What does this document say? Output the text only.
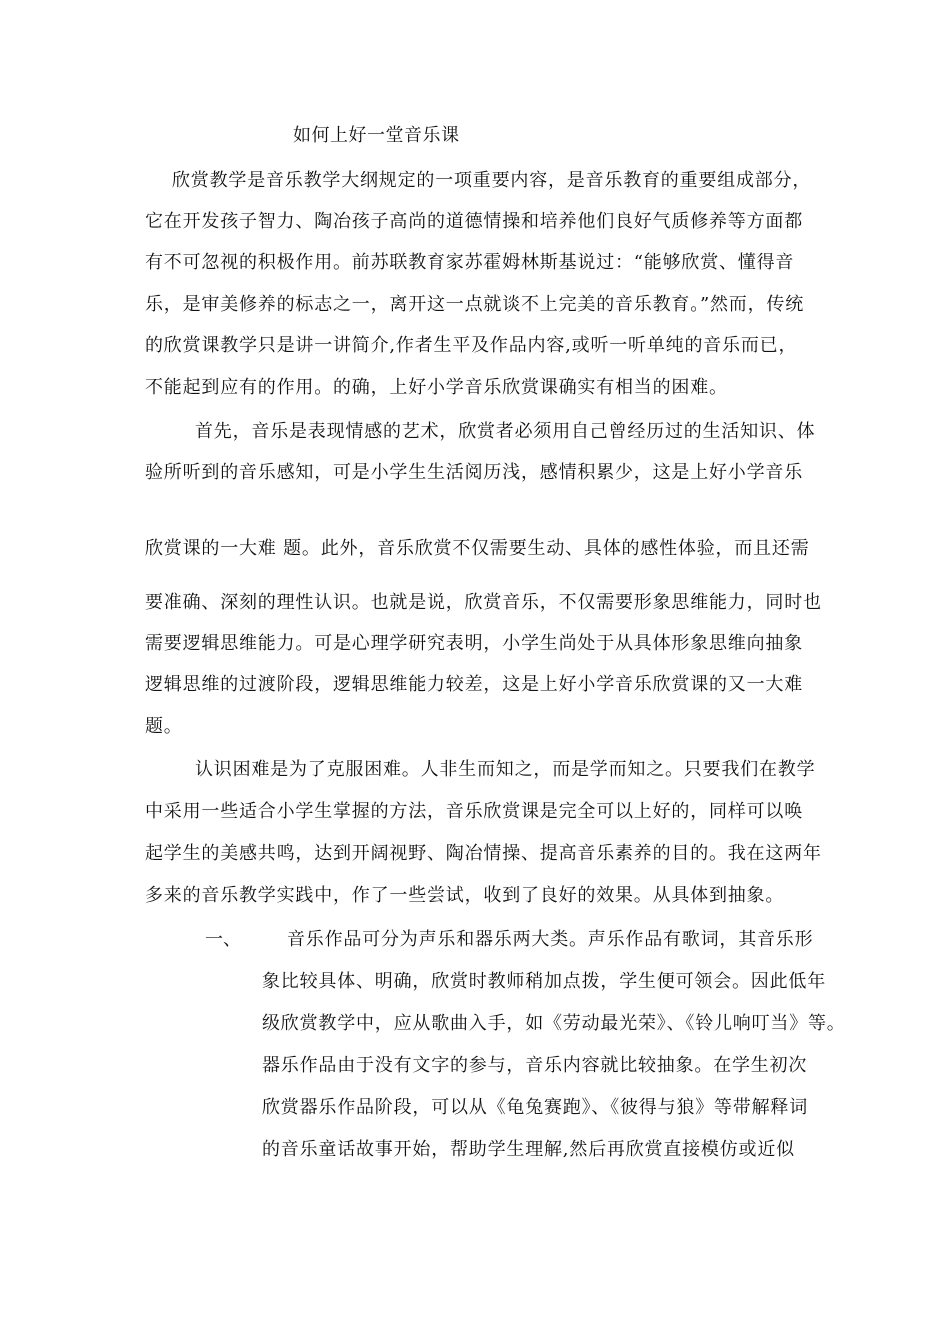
如何上好一堂音乐课
欣赏教学是音乐教学大纲规定的一项重要内容，是音乐教育的重要组成部分，
它在开发孩子智力、陶冶孩子高尚的道德情操和培养他们良好气质修养等方面都
有不可忽视的积极作用。前苏联教育家苏霍姆林斯基说过：“能够欣赏、懂得音
乐，是审美修养的标志之一，离开这一点就谈不上完美的音乐教育。”然而，传统
的欣赏课教学只是讲一讲简介,作者生平及作品内容,或听一听单纯的音乐而已，
不能起到应有的作用。的确，上好小学音乐欣赏课确实有相当的困难。
首先，音乐是表现情感的艺术，欣赏者必须用自己曾经历过的生活知识、体
验所听到的音乐感知，可是小学生生活阅历浅，感情积累少，这是上好小学音乐
欣赏课的一大难 题。此外，音乐欣赏不仅需要生动、具体的感性体验，而且还需
要准确、深刻的理性认识。也就是说，欣赏音乐，不仅需要形象思维能力，同时也
需要逻辑思维能力。可是心理学研究表明，小学生尚处于从具体形象思维向抽象
逻辑思维的过渡阶段，逻辑思维能力较差，这是上好小学音乐欣赏课的又一大难
题。
认识困难是为了克服困难。人非生而知之，而是学而知之。只要我们在教学
中采用一些适合小学生掌握的方法，音乐欣赏课是完全可以上好的，同样可以唤
起学生的美感共鸣，达到开阔视野、陶冶情操、提高音乐素养的目的。我在这两年
多来的音乐教学实践中，作了一些尝试，收到了良好的效果。从具体到抽象。
一、	音乐作品可分为声乐和器乐两大类。声乐作品有歌词，其音乐形
象比较具体、明确，欣赏时教师稍加点拨，学生便可领会。因此低年
级欣赏教学中，应从歌曲入手，如《劳动最光荣》、《铃儿响叮当》等。
器乐作品由于没有文字的参与，音乐内容就比较抽象。在学生初次
欣赏器乐作品阶段，可以从《龟兔赛跑》、《彼得与狼》等带解释词
的音乐童话故事开始，帮助学生理解,然后再欣赏直接模仿或近似
